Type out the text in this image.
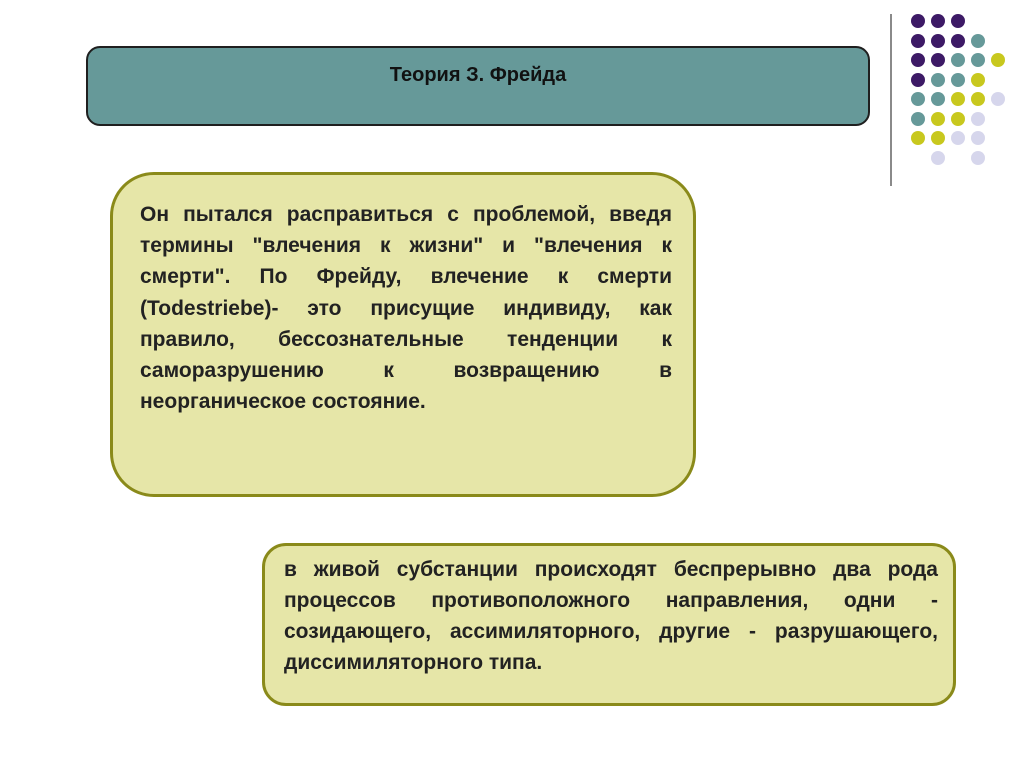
Теория З. Фрейда
Он пытался расправиться с проблемой, введя термины "влечения к жизни" и "влечения к смерти". По Фрейду, влечение к смерти (Todestriebe)- это присущие индивиду, как правило, бессознательные тенденции к саморазрушению к возвращению в неорганическое состояние.
в живой субстанции происходят беспрерывно два рода процессов противоположного направления, одни - созидающего, ассимиляторного, другие - разрушающего, диссимиляторного типа.
